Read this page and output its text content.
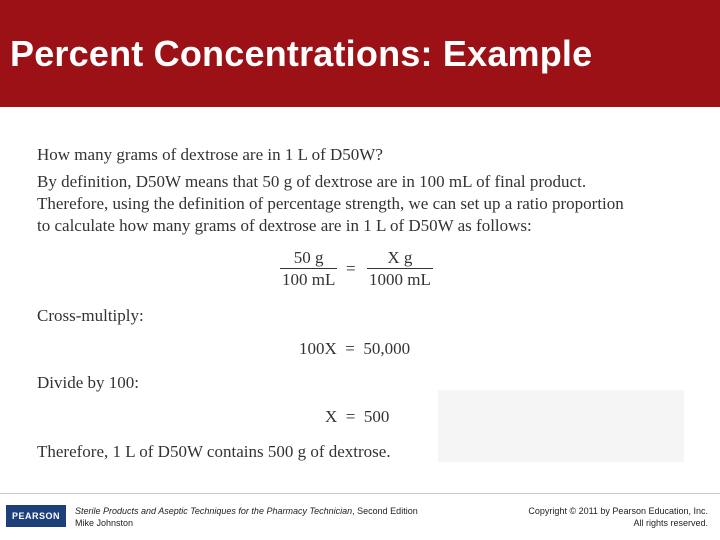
Percent Concentrations: Example
How many grams of dextrose are in 1 L of D50W?
By definition, D50W means that 50 g of dextrose are in 100 mL of final product.
Therefore, using the definition of percentage strength, we can set up a ratio proportion
to calculate how many grams of dextrose are in 1 L of D50W as follows:
50 g
100 mL
=
X g
1000 mL
Cross-multiply:
100X  =  50,000
Divide by 100:
X  =  500
Therefore, 1 L of D50W contains 500 g of dextrose.
PEARSON	Sterile Products and Aseptic Techniques for the Pharmacy Technician, Second Edition
Mike Johnston
Copyright © 2011 by Pearson Education, Inc.
All rights reserved.
